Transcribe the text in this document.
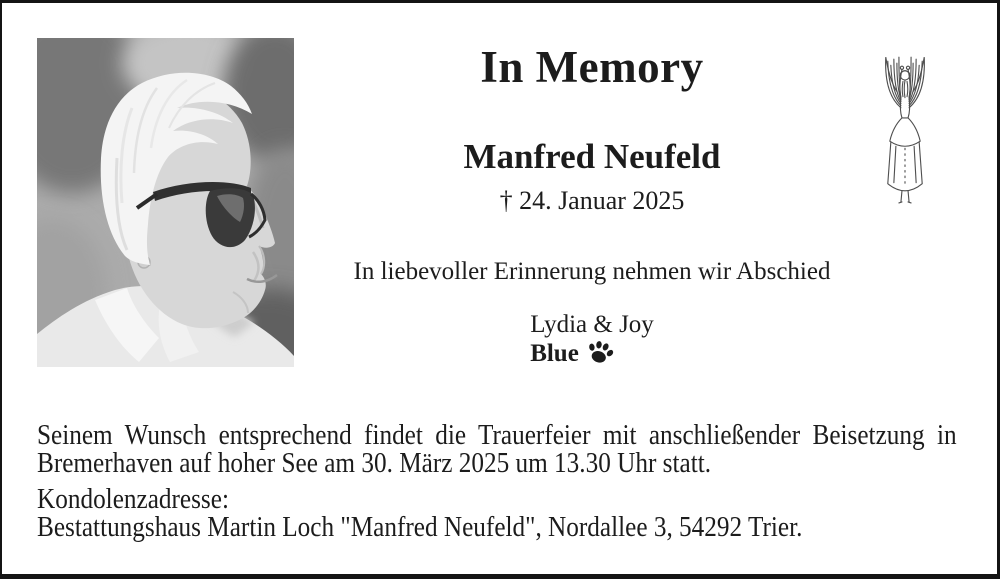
In Memory
Manfred Neufeld
† 24. Januar 2025
In liebevoller Erinnerung nehmen wir Abschied
Lydia & Joy
Blue
Seinem Wunsch entsprechend findet die Trauerfeier mit anschließender Beisetzung in
Bremerhaven auf hoher See am 30. März 2025 um 13.30 Uhr statt.
Kondolenzadresse:
Bestattungshaus Martin Loch "Manfred Neufeld", Nordallee 3, 54292 Trier.
